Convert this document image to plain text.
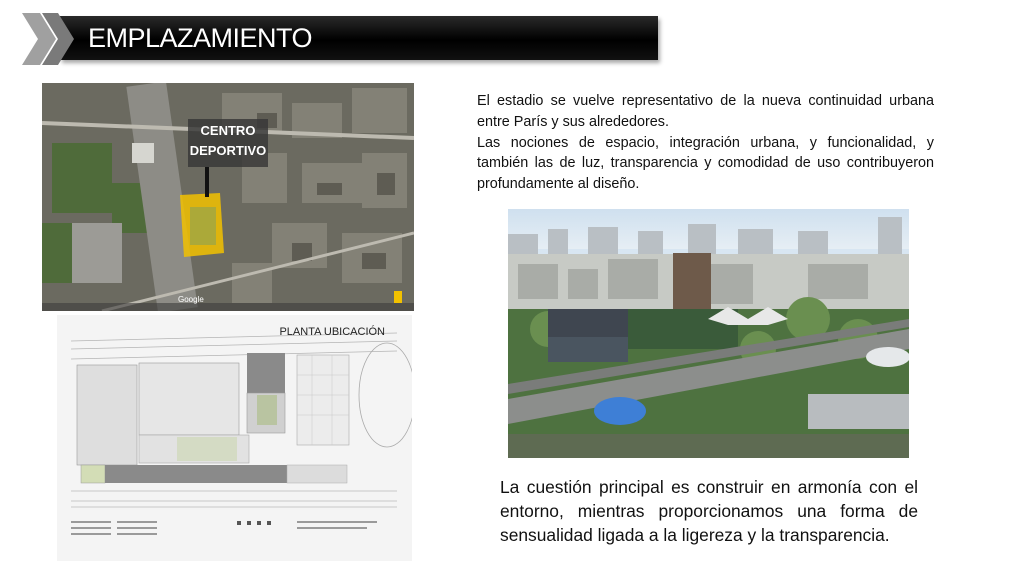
EMPLAZAMIENTO
CENTRO
DEPORTIVO
Google
PLANTA UBICACIÓN

El estadio se vuelve representativo de la nueva continuidad urbana entre París y sus alrededores.

Las nociones de espacio, integración urbana, y funcionalidad, y también las de luz, transparencia y comodidad de uso contribuyeron profundamente al diseño.

La cuestión principal es construir en armonía con el entorno, mientras proporcionamos una forma de sensualidad ligada a la ligereza y la transparencia.
